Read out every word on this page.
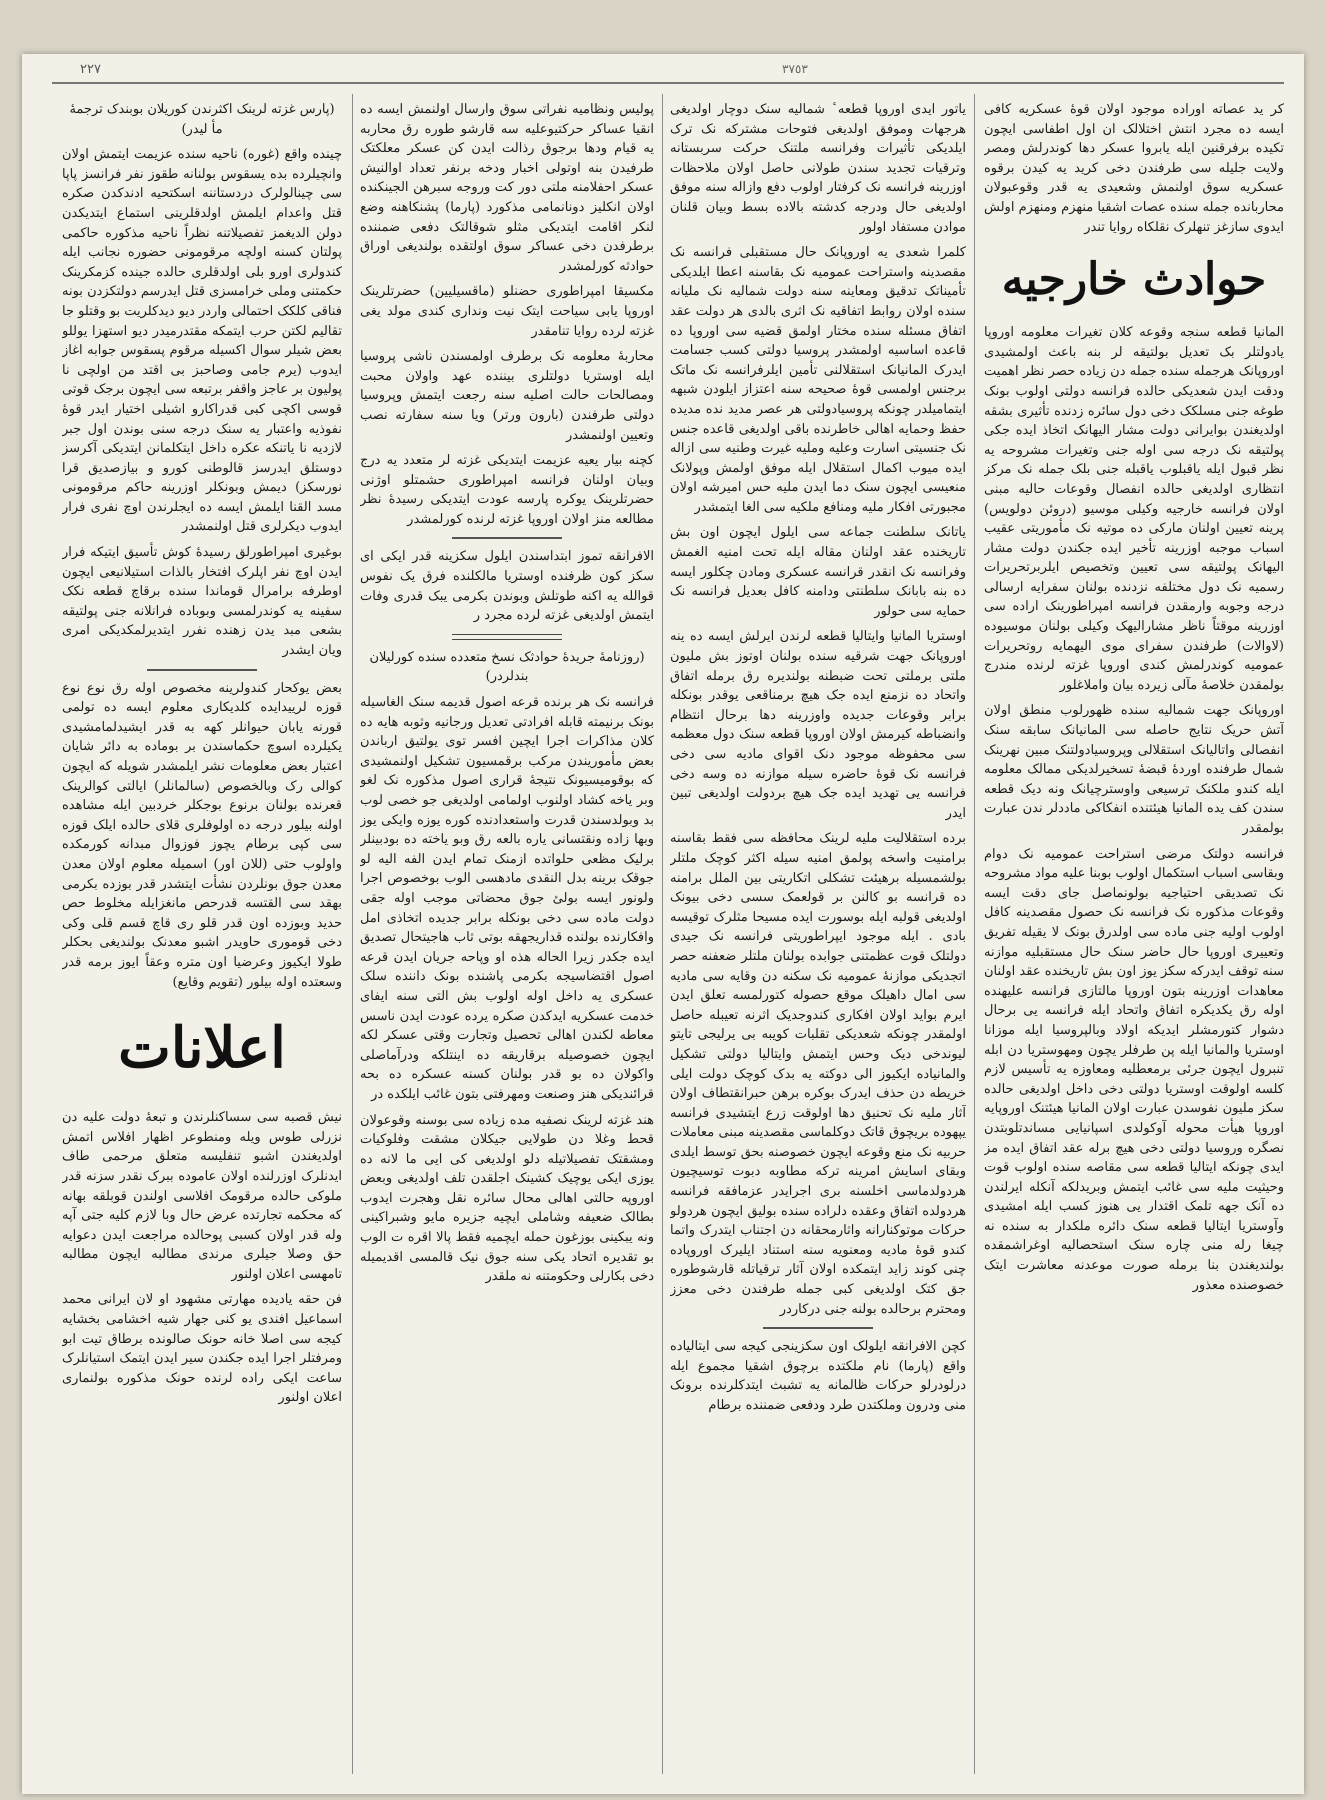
٢٢٧	٣٧٥٣

کر ید عصاته اوراده موجود اولان قوهٔ عسکریه کافی ایسه ده مجرد انتش اختلالک ان اول اطفاسی ایچون تکیده برفرقنین ایله یابروا عسکر دها کوندرلش ومصر ولایت جلیله سی طرفندن دخی کرید یه کیدن برقوه عسکریه سوق اولنمش وشعیدی یه قدر وقوعبولان محاربانده جمله سنده عصات اشقیا منهزم ومنهزم اولش ایدوی سازغز تنهلرک نقلکاه روایا تندر

حوادث خارجیه

المانیا قطعه سنجه وقوعه کلان تغیرات معلومه اوروپا یادولتلر بک تعدیل بولتیقه لر بنه باعث اولمشیدی اوروپانک هرجمله سنده جمله دن زیاده حصر نظر اهمیت ودقت ایدن شعدیکی حالده فرانسه دولتی اولوب بونک طوغه جنی مسلکک دخی دول سائره زدنده تأثیری بشقه اولدیغندن بوایرانی دولت مشار الیهانک اتخاذ ایده جکی پولتیقه نک درجه سی اوله جنی وتغیرات مشروحه یه نظر قبول ایله یاقبلوب یاقبله جنی بلک جمله نک مرکز انتظاری اولدیغی حالده انفصال وقوعات حالیه مبنی اولان فرانسه خارجیه وکیلی موسیو (دروئن دولویس) پرینه تعیین اولنان مارکی ده موتیه نک مأموریتی عقیب اسباب موجبه اوزرینه تأخیر ایده جکندن دولت مشار الیهانک پولتیقه سی تعیین وتخصیص ایلربرتحریرات رسمیه نک دول مختلفه نزدنده بولنان سفرایه ارسالی درجه وجوبه وارمقدن فرانسه امپراطورینک اراده سی اوزرینه موقتاً ناظر مشارالیهک وکیلی بولنان موسیوده (لاوالات) طرفندن سفرای موی الیهمایه روتحریرات عمومیه کوندرلمش کندی اوروپا غزته لرنده مندرج بولمقدن خلاصهٔ مآلی زیرده بیان واملاغلور

اوروپانک جهت شمالیه سنده ظهورلوب منطق اولان آتش حریک نتایج حاصله سی المانیانک سابقه سنک انفصالی واتالیانک استقلالی وپروسیادولتنک مبین نهرینک شمال طرفنده اوردهٔ قبضهٔ تسخیرلدیکی ممالک معلومه ایله کندو ملکنک ترسیعی واوسترچیانک ونه دیک قطعه سندن کف یده المانیا هیئتنده انفکاکی ماددلر ندن عبارت بولمقدر

فرانسه دولتک مرضی استراحت عمومیه نک دوام وبقاسی اسباب استکمال اولوب بوبنا علیه مواد مشروحه نک تصدیقی احتیاجیه بولونماصل جای دقت ایسه وقوعات مذکوره نک فرانسه نک حصول مقصدینه کافل اولوب اولیه جنی ماده سی اولدرق بونک لا یقیله تفریق وتعییری اوروپا حال حاضر سنک حال مستقبلیه موازنه سنه توقف ایدرکه سکز یوز اون بش تاریخنده عقد اولنان معاهدات اوزرینه بتون اوروپا مالتازی فرانسه علیهنده اوله رق یکدیکره اتفاق واتحاد ایله فرانسه یی برحال دشوار کتورمشلر ایدیکه اولاد وبالپروسیا ایله موزانا اوستریا والمانیا ایله پن طرفلر یچون ومهوستریا دن ابله تنبرول ایچون جرئی برمعطلیه ومعاوزه یه تأسیس لازم کلسه اولوقت اوستریا دولتی دخی داخل اولدیغی حالده سکز ملیون نفوسدن عبارت اولان المانیا هیئتنک اوروپایه اوروپا هیأت محوله آوکولدی اسپانیایی مساندتلوبتدن نصگره وروسیا دولتی دخی هیچ برله عقد اتفاق ایده مز ایدی چونکه ایتالیا قطعه سی مقاصه سنده اولوب قوت وحیثیت ملیه سی غائب ایتمش وبریدلکه آنکله ایرلندن ده آنک جهه تلمک اقتدار یی هنوز کسب ایله امشیدی وآوستریا ایتالیا قطعه سنک دائره ملکدار به سنده نه چیغا رله منی چاره سنک استحصالیه اوغراشمقده بولندیغندن بنا برمله صورت موعدنه معاشرت ایتک خصوصنده معذور

یاتور ایدی اوروپا قطعه ٔ شمالیه سنک دوچار اولدیغی هرجهات وموفق اولدیغی فتوحات مشترکه نک ترک ایلدیکی تأثیرات وفرانسه ملتنک حرکت سربستانه وترقیات تجدید سندن طولانی حاصل اولان ملاحظات اوزرینه فرانسه نک کرفتار اولوب دفع وازاله سنه موفق اولدیغی حال ودرجه کدشته بالاده بسط وبیان قلنان موادن مستفاد اولور

کلمرا شعدی یه اوروپانک حال مستقبلی فرانسه نک مقصدینه واستراحت عمومیه نک بقاسنه اعطا ایلدیکی تأمیناتک تدقیق ومعاینه سنه دولت شمالیه نک ملیانه سنده اولان روابط اتفاقیه نک اثری بالدی هر دولت عقد اتفاق مسئله سنده مختار اولمق قضیه سی اوروپا ده قاعده اساسیه اولمشدر پروسیا دولتی کسب جسامت ایدرک المانیانک استقلالنی تأمین ایلرفرانسه نک ماتک برجنس اولمسی قوهٔ صحیحه سنه اعتزاز ایلودن شبهه ایتمامیلدر چونکه پروسیادولتی هر عصر مدید نده مدیده حفظ وحمایه اهالی خاطرنده باقی اولدیغی قاعده جنس نک جنسیتی اسارت وعلیه وملیه غیرت وطنیه سی ازاله ایده میوب اکمال استقلال ایله موفق اولمش وپولانک منعیسی ایچون سنک دما ایدن ملیه حس امیرشه اولان مجبورتی افکار ملیه ومنافع ملکیه سی الغا ایتمشدر

یاتانک سلطنت جماعه سی ایلول ایچون اون بش تاریخنده عقد اولنان مقاله ایله تحت امنیه الغمش وفرانسه نک انقدر قرانسه عسکری ومادن چکلور ایسه ده بنه بابانک سلطنتی ودامنه کافل بعدیل فرانسه نک حمایه سی حولور

اوستریا المانیا وایتالیا قطعه لرندن ایرلش ایسه ده ینه اوروپانک جهت شرقیه سنده بولنان اوتوز بش ملیون ملتی برملتی تحت ضبطنه بولندیره رق برمله اتفاق واتحاد ده نزمنع ایده جک هیچ برمناقعی یوقدر بونکله برابر وقوعات جدیده واوزرینه دها برحال انتظام وانضباطه کیرمش اولان اوروپا قطعه سنک دول معظمه سی محفوظه موجود دنک اقوای مادیه سی دخی فرانسه نک قوهٔ حاضره سیله موازنه ده وسه دخی فرانسه یی تهدید ایده جک هیچ بردولت اولدیغی تبین ایدر

برده استقلالیت ملیه لرینک محافظه سی فقط بقاسنه برامنیت واسخه پولمق امنیه سیله اکثر کوچک ملتلر بولشمسیله برهیئت تشکلی اتکاریتی بین الملل برامنه ده قرانسه بو کالنن بر قولعمک سسی دخی بیونک اولدیغی قولبه ایله بوسورت ایده مسیحا مثلرک توقیسه بادی . ایله موجود ایپراطوریتی فرانسه نک جیدی دولتلک قوت عظمتنی جوابده بولنان ملتلر ضعفنه حصر اتجدیکی موازنهٔ عمومیه نک سکنه دن وقایه سی مادیه سی امال داهیلک موقع حصوله کتورلمسه تعلق ایدن ایرم بواید اولان افکاری کندوجدیک اثرنه تعیبله حاصل اولمقدر چونکه شعدیکی تقلبات کویبه بی یرلیجی تایتو لیوندخی دیک وحس ایتمش وایتالیا دولتی تشکیل والمانیاده ایکیوز الی دوکته یه بدک کوچک دولت ایلی خریطه دن حذف ایدرک بوکره برهن حبرانقتطاف اولان آثار ملیه نک تحنیق دها اولوقت زرع ایتشیدی فرانسه یپهوده بریچوق قاتک دوکلماسی مقصدینه مبنی معاملات حربیه نک منع وقوعه ایچون خصوصنه بحق توسط ایلدی وبقای اسایش امرینه ترکه مطاوبه دبوت توسیچیون هردولدماسی اخلسنه بری اجرایدر عزمافقه فرانسه هردولده اتفاق وعقده دلراده سنده بولیق ایچون هردولو حرکات موتوکنارانه واثارمحقانه دن اجتناب ایتدرک واتما کندو قوهٔ مادیه ومعنویه سنه استناد ایلیرک اوروپاده چنی کوند زاید ایتمکده اولان آثار ترقیاتله قارشوطوره جق کتک اولدیغی کبی جمله طرفندن دخی معزز ومحترم برحالده بولنه جنی درکاردر

کچن الافرانقه ایلولک اون سکزینجی کیجه سی ایتالیاده واقع (پارما) نام ملکتده برچوق اشقیا مجموع ایله درلودرلو حرکات ظالمانه یه تشبث ایتدکلرنده برونک منی ودرون وملکتدن طرد ودفعی ضمننده برطام

پولیس ونظامیه نفراتی سوق وارسال اولنمش ایسه ده انقیا عساکر حرکتیوعلیه سه قارشو طوره رق محاربه یه قیام ودها برجوق رذالت ایدن کن عسکر معلکتک طرفیدن بنه اوتولی اخبار ودخه برنفر تعداد اوالنیش عسکر احفلامنه ملتی دور کت وروجه سبرهن الجینکنده اولان انکلیز دونانمامی مذکورد (پارما) پشنکاهنه وضع لنکر اقامت ایتدیکی مثلو شوقالتک دفعی ضمننده برطرفدن دخی عساکر سوق اولتقده بولندیغی اوراق حوادثه کورلمشدر

مکسیقا امپراطوری حضنلو (ماقسیلیین) حضرتلرینک اوروپا یابی سیاحت ایتک نیت ونداری کندی مولد یغی غزته لرده روایا تنامقدر

محاربهٔ معلومه نک برطرف اولمسندن ناشی پروسیا ایله اوستریا دولتلری بیننده عهد واولان محبت ومصالحات حالت اصلیه سنه رجعت ایتمش وپروسیا دولتی طرفندن (بارون ورتر) ویا سنه سفارته نصب وتعیین اولنمشدر

کچنه بیار یعیه عزیمت ایتدیکی غزته لر متعدد یه درج وبیان اولنان فرانسه امپراطوری حشمتلو اوژنی حضرتلرینک یوکره پارسه عودت ایتدیکی رسیدهٔ نظر مطالعه منز اولان اوروپا غزته لرنده کورلمشدر

الافرانقه تموز ابتداسندن ایلول سکزینه قدر ایکی ای سکز کون ظرفنده اوستریا مالکلنده فرق یک نفوس قوالله یه اکنه طوتلش وبوندن بکرمی یبک قدری وفات ایتمش اولدیغی غزته لرده مجرد ر

(روزنامهٔ جریدهٔ حوادثک نسخ متعدده سنده کورلیلان بندلردر)

فرانسه نک هر برنده قرعه اصول قدیمه سنک الغاسیله بونک برنیمته قابله افرادتی تعدیل ورجانیه وثوبه هایه ده کلان مذاکرات اجرا ایچین افسر توی یولتیق ارباندن بعض مأموریندن مرکب برقمسیون تشکیل اولنمشیدی که بوقومیسیونک نتیجهٔ قراری اصول مذکوره نک لغو وبر یاخه کشاد اولنوب اولمامی اولدیغی جو خصی لوب بد وبولدسندن قدرت واستعدادنده کوره یوزه وایکی یوز وبها زاده ونقتسانی یاره بالعه رق وبو یاخته ده بودبینلر برلیک مظعی حلواتده ازمنک تمام ایدن الفه الیه لو جوقک برینه بدل النقدی مادهسی الوب بوخصوص اجرا ولونور ایسه بولئ جوق محضاتی موجب اوله جقی دولت ماده سی دخی بونکله برابر جدیده اتخاذی امل وافکارنده بولنده قداریجهقه بوتی ثاب هاجیتحال تصدیق ایده جکدر زیرا الحاله هذه او وپاحه جریان ایدن قرعه اصول اقتضاسیجه بکرمی پاشنده بونک داننده سلک عسکری یه داخل اوله اولوب بش التی سنه ایفای خدمت عسکریه ایدکدن صکره یرده عودت ایدن ناسس معاطه لکندن اهالی تحصیل وتجارت وقتی عسکر لکه ایچون خصوصیله برقاریقه ده اینتلکه ودرآماصلی واکولان ده بو قدر بولنان کسنه عسکره ده بحه قرائندیکی هنز وصنعت ومهرفتی بتون غائب ایلکده در

هند غزته لرینک نصفیه مده زیاده سی بوسنه وقوعولان قحط وغلا دن طولایی جیکلان مشقت وفلوکیات ومشقتک تفصیلاتیله دلو اولدیغی کی ایی ما لانه ده یوزی ایکی یوچیک کشینک اجلقدن تلف اولدیغی وبعض اوروپه حالتی اهالی محال سائره نقل وهجرت ایدوب بطالک ضعیفه وشاملی ایچیه جزیره مایو وشبراکینی ونه یبکینی بوزغون حمله ایچمیه فقط پالا اقره ت الوب بو تقدیره اتحاد یکی سنه جوق نیک قالمسی اقدیمیله دخی بکارلی وحکومتنه نه ملقدر

(پارس غزته لرینک اکثرندن کوریلان بوبندک ترجمهٔ مأ لیدر)

چینده واقع (غوره) ناحیه سنده عزیمت ایتمش اولان وانچیلرده بده یسقوس بولنانه طقوز نفر فرانسز پاپا سی چینالولرک دردستاننه اسکتحیه ادندکدن صکره قتل واعدام ایلمش اولدقلرینی استماع ایتدیکدن دولن الدیغمز تفصیلاتنه نظراً ناحیه مذکوره حاکمی پولتان کسنه اولچه مرقومونی حضوره نجانب ایله کندولری اورو بلی اولدقلری حالده جینده کزمکرینک حکمتنی وملی خرامسزی قتل ایدرسم دولتکزدن بونه فناقی کلکک احتمالی واردر دیو دیدکلریت بو وقتلو جا تقالیم لکتن حرب ایتمکه مقتدرمیدر دیو استهزا یوللو بعض شیلر سوال اکسیله مرقوم پسقوس جوابه اغاز ایدوب (یرم جامی وصاحبز بی اقتد من اولچی نا پولیون بر عاجز واقفر برتبعه سی ایچون برجک قوتی قوسی اکچی کبی قدراکارو اشیلی اختیار ایدر قوهٔ نفوذیه واعتبار یه سنک درجه سنی بوندن اول جبر لازدیه نا یاتنکه عکره داخل ایتکلمانن ایتدیکی آکرسز دوستلق ایدرسز قالوطنی کورو و بیازصدیق قرا نورسکز) دیمش وبونکلر اوزرینه حاکم مرقومونی مسد القنا ایلمش ایسه ده ایجلرندن اوچ نفری فرار ایدوب دیکرلری قتل اولنمشدر

بوغیری امپراطورلق رسیدهٔ کوش تأسیق ایتیکه فرار ایدن اوچ نفر اپلرک افتخار بالذات استیلانیعی ایچون اوطرفه برامرال قوماندا سنده برقاچ قطعه نکک سفینه یه کوندرلمسی وبوباده فرانلانه جنی پولتیقه بشعی مبد یدن زهنده نفرر ایتدیرلمکدیکی امری ویان ایشدر

بعض یوکحار کندولرینه مخصوص اوله رق نوع نوع قوزه لرییدایده کلدیکاری معلوم ایسه ده تولمی قورنه یابان حیوانلر کهه به قدر ایشیدلمامشیدی یکیلرده اسوچ حکماسندن بر بوماده به دائر شایان اعتبار بعض معلومات نشر ایلمشدر شویله که ایچون کوالی رک وبالخصوص (سالمانلر) ایالتی کوالرینک قعرنده بولنان برنوع بوجکلر خردبین ایله مشاهده اولنه بیلور درجه ده اولوفلری قلای حالده ایلک قوزه سی کپی برطام یچوز فوزوال مبدانه کورمکده واولوب حتی (للان اور) اسمیله معلوم اولان معدن معدن جوق بونلردن نشأت ایتشدر قدر بوزده بکرمی بهقد سی القتسه قدرحص مانغزایله مخلوط حص حدید وبوزده اون قدر قلو ری قاچ قسم قلی وکی دخی قوموری حاویدر اشبو معدنک بولندیغی بحکلر طولا ایکیوز وعرضیا اون متره وعقاً ایوز برمه قدر وسعتده اوله بیلور (تقویم وقایع)

اعلانات

نیش قصبه سی سساکنلرندن و تبعهٔ دولت علیه دن نزرلی طوس ویله ومنطوعر اظهار افلاس اتمش اولدیغندن اشبو تنفلیسه متعلق مرحمی طاف ایدنلرک اوزرلنده اولان عاموده ببرک نقدر سزنه قدر ملوکی حالده مرقومک افلاسی اولندن قوبلقه بهانه که محکمه تجارتده عرض حال وبا لازم کلیه جتی آپه وله قدر اولان کسبی پوحالده مراجعت ایدن دعوایه حق وصلا جیلری مرندی مطالبه ایچون مطالبه تامهسی اعلان اولنور

فن حقه یادیده مهارتی مشهود او لان ایرانی محمد اسماعیل افندی یو کنی جهار شیه اخشامی بخشایه کیجه سی اصلا خانه حونک صالونده برطاق تیت ابو ومرفتلر اجرا ایده جکندن سیر ایدن ایتمک استیانلرک ساعت ایکی راده لرنده حونک مذکوره بولنماری اعلان اولنور
